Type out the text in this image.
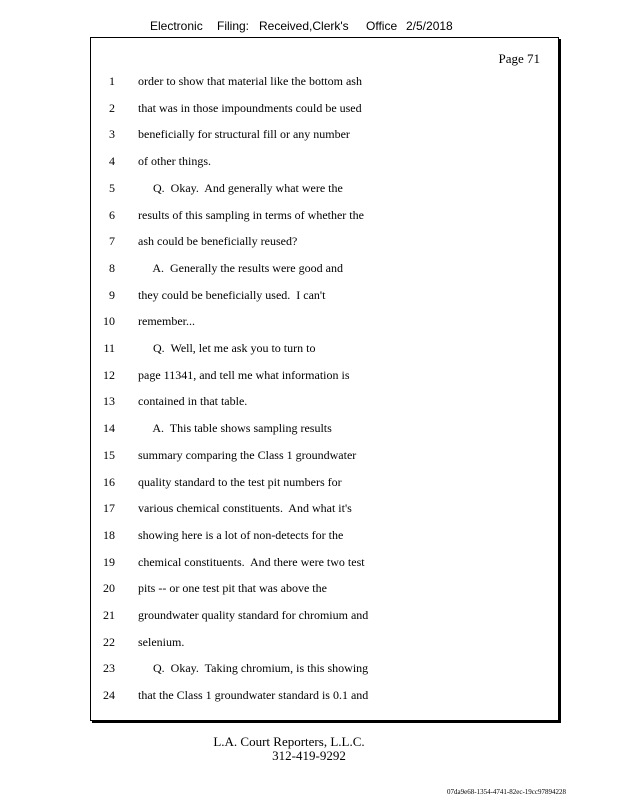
Electronic Filing: Received,Clerk's Office 2/5/2018
Page 71
1 order to show that material like the bottom ash
2 that was in those impoundments could be used
3 beneficially for structural fill or any number
4 of other things.
5 Q.  Okay.  And generally what were the
6 results of this sampling in terms of whether the
7 ash could be beneficially reused?
8 A.  Generally the results were good and
9 they could be beneficially used.  I can't
10 remember...
11 Q.  Well, let me ask you to turn to
12 page 11341, and tell me what information is
13 contained in that table.
14 A.  This table shows sampling results
15 summary comparing the Class 1 groundwater
16 quality standard to the test pit numbers for
17 various chemical constituents.  And what it's
18 showing here is a lot of non-detects for the
19 chemical constituents.  And there were two test
20 pits -- or one test pit that was above the
21 groundwater quality standard for chromium and
22 selenium.
23 Q.  Okay.  Taking chromium, is this showing
24 that the Class 1 groundwater standard is 0.1 and
L.A. Court Reporters, L.L.C.
312-419-9292
07da9e68-1354-4741-82ec-19cc97894228
